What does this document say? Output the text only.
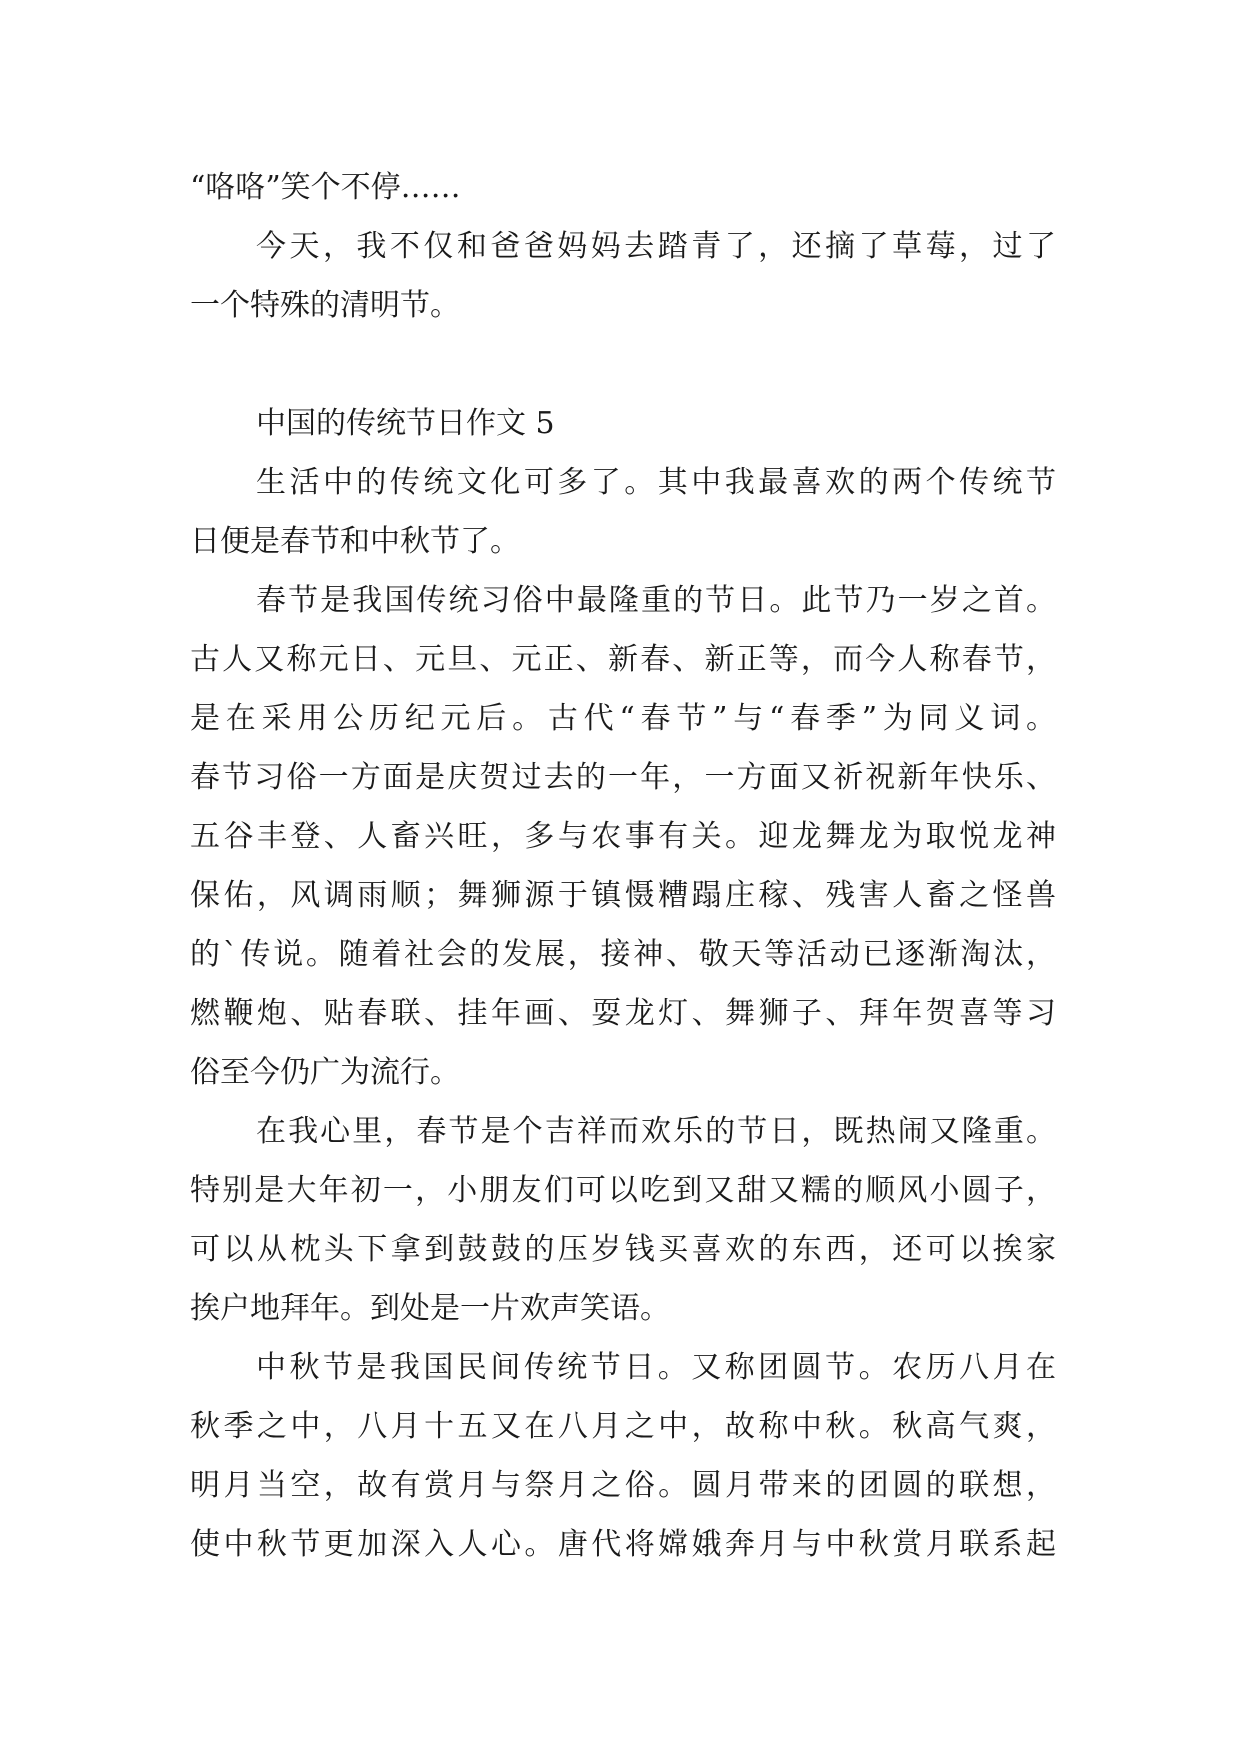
“咯咯”笑个不停……
今天，我不仅和爸爸妈妈去踏青了，还摘了草莓，过了
一个特殊的清明节。
中国的传统节日作文 5
生活中的传统文化可多了。其中我最喜欢的两个传统节
日便是春节和中秋节了。
春节是我国传统习俗中最隆重的节日。此节乃一岁之首。
古人又称元日、元旦、元正、新春、新正等，而今人称春节，
是在采用公历纪元后。古代“春节”与“春季”为同义词。
春节习俗一方面是庆贺过去的一年，一方面又祈祝新年快乐、
五谷丰登、人畜兴旺，多与农事有关。迎龙舞龙为取悦龙神
保佑，风调雨顺；舞狮源于镇慑糟蹋庄稼、残害人畜之怪兽
的`传说。随着社会的发展，接神、敬天等活动已逐渐淘汰，
燃鞭炮、贴春联、挂年画、耍龙灯、舞狮子、拜年贺喜等习
俗至今仍广为流行。
在我心里，春节是个吉祥而欢乐的节日，既热闹又隆重。
特别是大年初一，小朋友们可以吃到又甜又糯的顺风小圆子，
可以从枕头下拿到鼓鼓的压岁钱买喜欢的东西，还可以挨家
挨户地拜年。到处是一片欢声笑语。
中秋节是我国民间传统节日。又称团圆节。农历八月在
秋季之中，八月十五又在八月之中，故称中秋。秋高气爽，
明月当空，故有赏月与祭月之俗。圆月带来的团圆的联想，
使中秋节更加深入人心。唐代将嫦娥奔月与中秋赏月联系起
